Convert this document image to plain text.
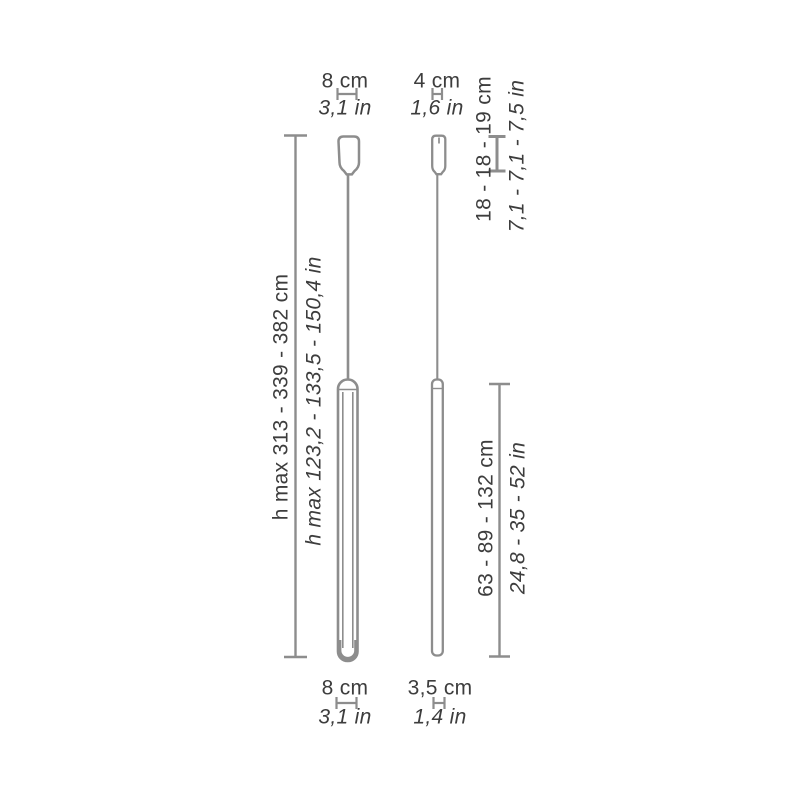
8 cm
3,1 in
4 cm
1,6 in
8 cm
3,1 in
3,5 cm
1,4 in
h max 313 - 339 - 382 cm h max 123,2 - 133,5 - 150,4 in
18 - 18 - 19 cm 7,1 - 7,1 - 7,5 in
63 - 89 - 132 cm 24,8 - 35 - 52 in
